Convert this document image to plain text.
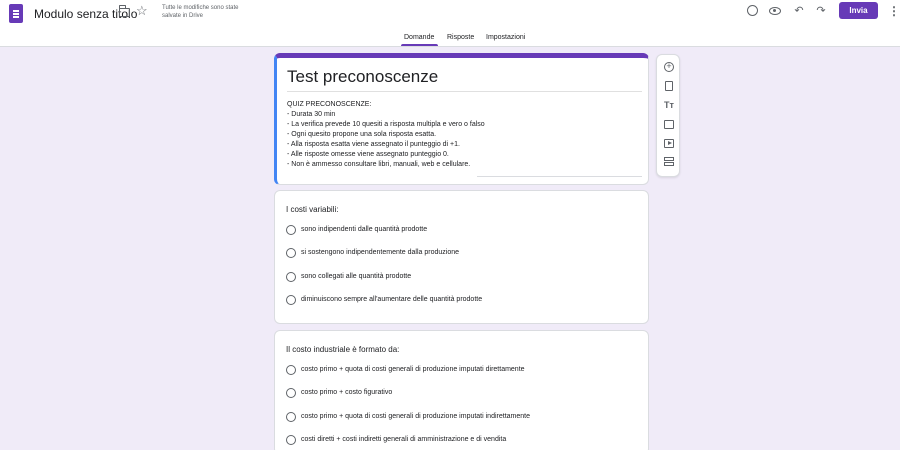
Modulo senza titolo
☆ Tutte le modifiche sono state salvate in Drive	↶ ↷	Invia	⋮
Domande Risposte Impostazioni
Test preconoscenze
QUIZ PRECONOSCENZE:
- Durata 30 min
- La verifica prevede 10 quesiti a risposta multipla e vero o falso
- Ogni quesito propone una sola risposta esatta.
- Alla risposta esatta viene assegnato il punteggio di +1.
- Alle risposte omesse viene assegnato punteggio 0.
- Non è ammesso consultare libri, manuali, web e cellulare.
+
Tт
I costi variabili:
sono indipendenti dalle quantità prodotte
si sostengono indipendentemente dalla produzione
sono collegati alle quantità prodotte
diminuiscono sempre all'aumentare delle quantità prodotte
Il costo industriale è formato da:
costo primo + quota di costi generali di produzione imputati direttamente
costo primo + costo figurativo
costo primo + quota di costi generali di produzione imputati indirettamente
costi diretti + costi indiretti generali di amministrazione e di vendita
